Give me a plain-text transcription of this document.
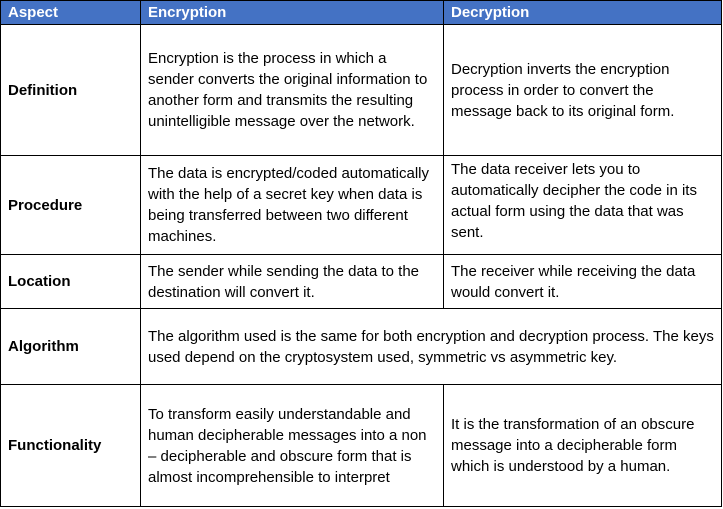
Aspect	Encryption	Decryption
Definition	Encryption is the process in which a sender converts the original information to another form and transmits the resulting unintelligible message over the network.	Decryption inverts the encryption process in order to convert the message back to its original form.
Procedure	The data is encrypted/coded automatically with the help of a secret key when data is being transferred between two different machines.	The data receiver lets you to automatically decipher the code in its actual form using the data that was sent.
Location	The sender while sending the data to the destination will convert it.	The receiver while receiving the data would convert it.
Algorithm	The algorithm used is the same for both encryption and decryption process. The keys used depend on the cryptosystem used, symmetric vs asymmetric key.	
Functionality	To transform easily understandable and human decipherable messages into a non – decipherable and obscure form that is almost incomprehensible to interpret	It is the transformation of an obscure message into a decipherable form which is understood by a human.
